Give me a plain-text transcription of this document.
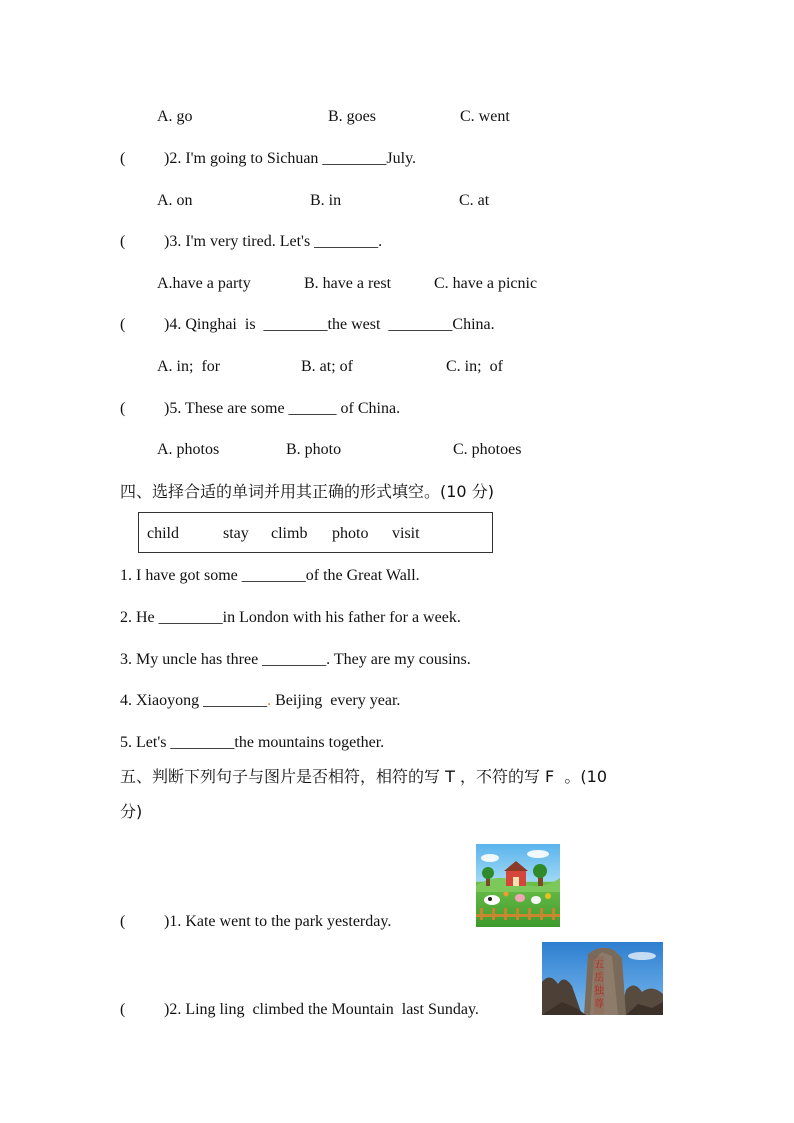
A. go	B. goes	C. went
( )2. I'm going to Sichuan ________July.
A. on	B. in	C. at
( )3. I'm very tired. Let's ________.
A.have a party	B. have a rest	C. have a picnic
( )4. Qinghai  is  ________the west  ________China.
A. in;  for	B. at; of	C. in;  of
( )5. These are some ______ of China.
A. photos	B. photo	C. photoes
四、选择合适的单词并用其正确的形式填空。(10 分)
child	stay climb photo visit
1. I have got some ________of the Great Wall.
2. He ________in London with his father for a week.
3. My uncle has three ________. They are my cousins.
4. Xiaoyong ________. Beijing  every year.
5. Let's ________the mountains together.
五、判断下列句子与图片是否相符，相符的写 T ，不符的写 F  。(10
分)
( )1. Kate went to the park yesterday.
五
岳
独
尊
( )2. Ling ling  climbed the Mountain  last Sunday.
